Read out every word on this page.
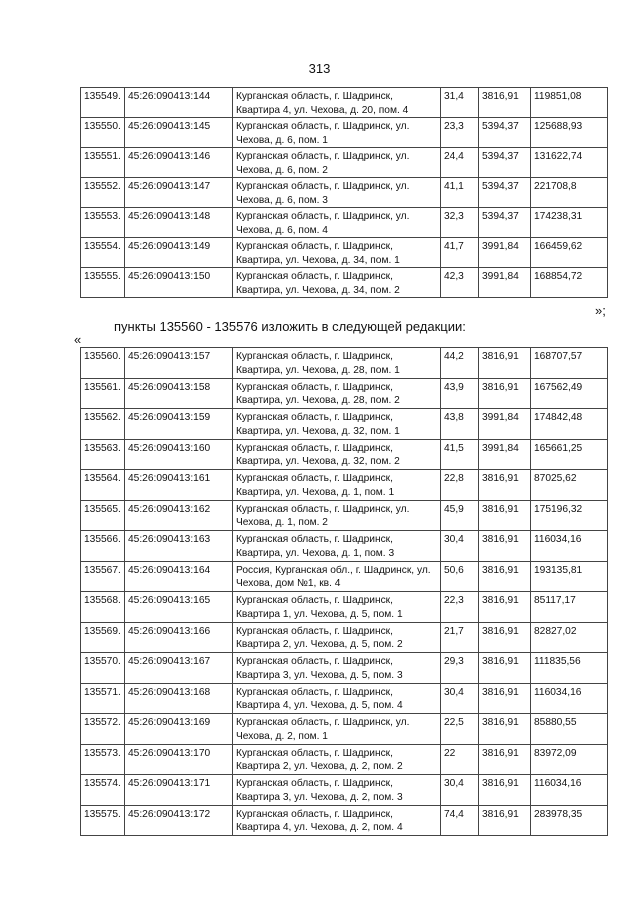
313
135549.	45:26:090413:144	Курганская область, г. Шадринск, Квартира 4, ул. Чехова, д. 20, пом. 4	31,4	3816,91	119851,08
135550.	45:26:090413:145	Курганская область, г. Шадринск, ул. Чехова, д. 6, пом. 1	23,3	5394,37	125688,93
135551.	45:26:090413:146	Курганская область, г. Шадринск, ул. Чехова, д. 6, пом. 2	24,4	5394,37	131622,74
135552.	45:26:090413:147	Курганская область, г. Шадринск, ул. Чехова, д. 6, пом. 3	41,1	5394,37	221708,8
135553.	45:26:090413:148	Курганская область, г. Шадринск, ул. Чехова, д. 6, пом. 4	32,3	5394,37	174238,31
135554.	45:26:090413:149	Курганская область, г. Шадринск, Квартира, ул. Чехова, д. 34, пом. 1	41,7	3991,84	166459,62
135555.	45:26:090413:150	Курганская область, г. Шадринск, Квартира, ул. Чехова, д. 34, пом. 2	42,3	3991,84	168854,72
»;
пункты 135560 - 135576 изложить в следующей редакции:
«
135560.	45:26:090413:157	Курганская область, г. Шадринск, Квартира, ул. Чехова, д. 28, пом. 1	44,2	3816,91	168707,57
135561.	45:26:090413:158	Курганская область, г. Шадринск, Квартира, ул. Чехова, д. 28, пом. 2	43,9	3816,91	167562,49
135562.	45:26:090413:159	Курганская область, г. Шадринск, Квартира, ул. Чехова, д. 32, пом. 1	43,8	3991,84	174842,48
135563.	45:26:090413:160	Курганская область, г. Шадринск, Квартира, ул. Чехова, д. 32, пом. 2	41,5	3991,84	165661,25
135564.	45:26:090413:161	Курганская область, г. Шадринск, Квартира, ул. Чехова, д. 1, пом. 1	22,8	3816,91	87025,62
135565.	45:26:090413:162	Курганская область, г. Шадринск, ул. Чехова, д. 1, пом. 2	45,9	3816,91	175196,32
135566.	45:26:090413:163	Курганская область, г. Шадринск, Квартира, ул. Чехова, д. 1, пом. 3	30,4	3816,91	116034,16
135567.	45:26:090413:164	Россия, Курганская обл., г. Шадринск, ул. Чехова, дом №1, кв. 4	50,6	3816,91	193135,81
135568.	45:26:090413:165	Курганская область, г. Шадринск, Квартира 1, ул. Чехова, д. 5, пом. 1	22,3	3816,91	85117,17
135569.	45:26:090413:166	Курганская область, г. Шадринск, Квартира 2, ул. Чехова, д. 5, пом. 2	21,7	3816,91	82827,02
135570.	45:26:090413:167	Курганская область, г. Шадринск, Квартира 3, ул. Чехова, д. 5, пом. 3	29,3	3816,91	111835,56
135571.	45:26:090413:168	Курганская область, г. Шадринск, Квартира 4, ул. Чехова, д. 5, пом. 4	30,4	3816,91	116034,16
135572.	45:26:090413:169	Курганская область, г. Шадринск, ул. Чехова, д. 2, пом. 1	22,5	3816,91	85880,55
135573.	45:26:090413:170	Курганская область, г. Шадринск, Квартира 2, ул. Чехова, д. 2, пом. 2	22	3816,91	83972,09
135574.	45:26:090413:171	Курганская область, г. Шадринск, Квартира 3, ул. Чехова, д. 2, пом. 3	30,4	3816,91	116034,16
135575.	45:26:090413:172	Курганская область, г. Шадринск, Квартира 4, ул. Чехова, д. 2, пом. 4	74,4	3816,91	283978,35
